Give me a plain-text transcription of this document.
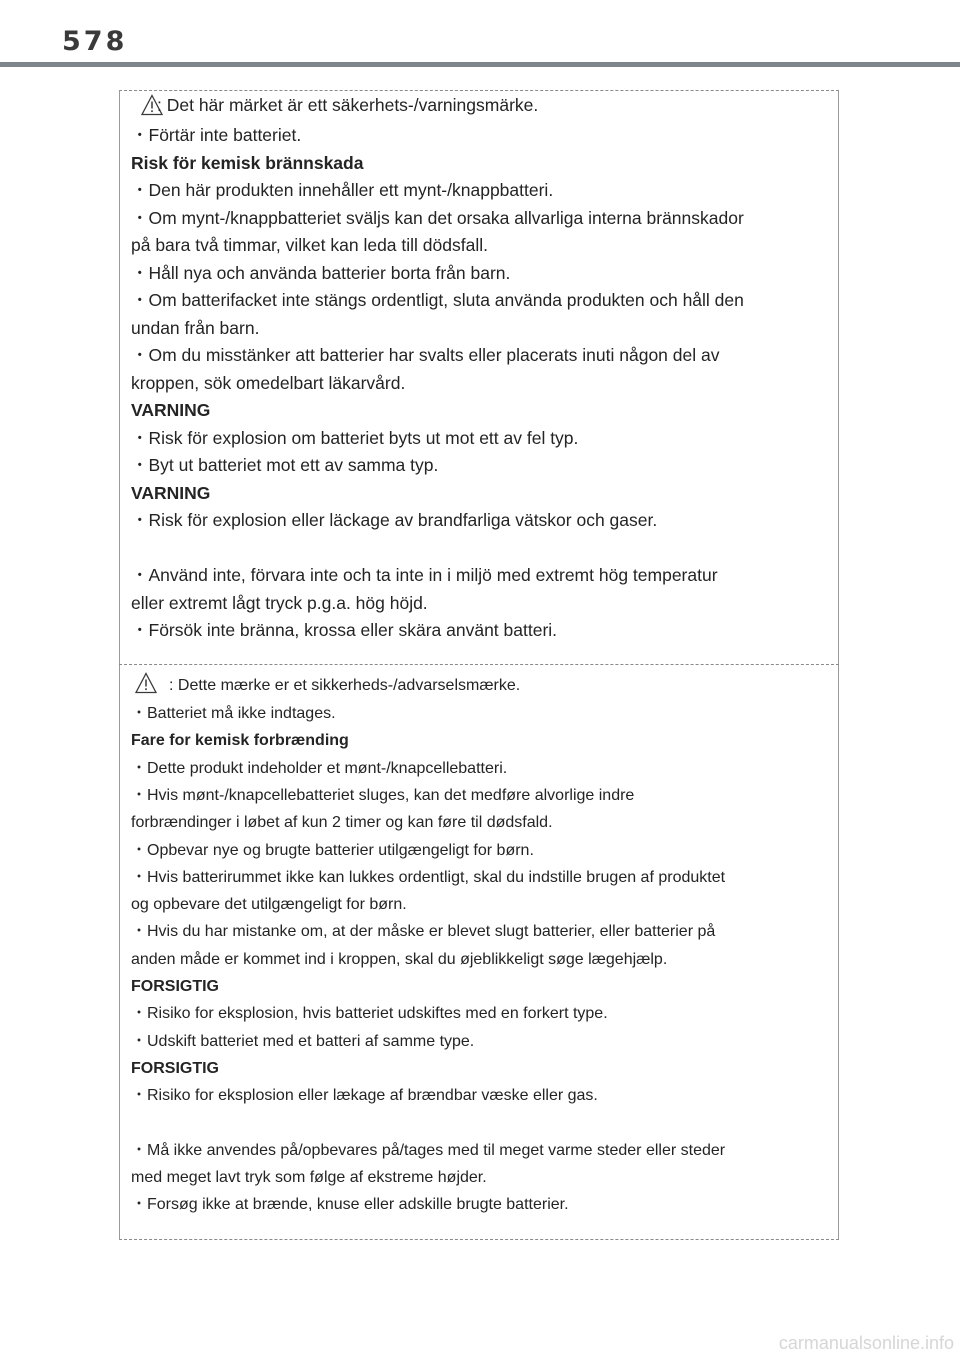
578
: Det här märket är ett säkerhets-/varningsmärke.
・Förtär inte batteriet.
Risk för kemisk brännskada
・Den här produkten innehåller ett mynt-/knappbatteri.
・Om mynt-/knappbatteriet sväljs kan det orsaka allvarliga interna brännskador
på bara två timmar, vilket kan leda till dödsfall.
・Håll nya och använda batterier borta från barn.
・Om batterifacket inte stängs ordentligt, sluta använda produkten och håll den
undan från barn.
・Om du misstänker att batterier har svalts eller placerats inuti någon del av
kroppen, sök omedelbart läkarvård.
VARNING
・Risk för explosion om batteriet byts ut mot ett av fel typ.
・Byt ut batteriet mot ett av samma typ.
VARNING
・Risk för explosion eller läckage av brandfarliga vätskor och gaser.
・Använd inte, förvara inte och ta inte in i miljö med extremt hög temperatur
eller extremt lågt tryck p.g.a. hög höjd.
・Försök inte bränna, krossa eller skära använt batteri.
: Dette mærke er et sikkerheds-/advarselsmærke.
・Batteriet må ikke indtages.
Fare for kemisk forbrænding
・Dette produkt indeholder et mønt-/knapcellebatteri.
・Hvis mønt-/knapcellebatteriet sluges, kan det medføre alvorlige indre
forbrændinger i løbet af kun 2 timer og kan føre til dødsfald.
・Opbevar nye og brugte batterier utilgængeligt for børn.
・Hvis batterirummet ikke kan lukkes ordentligt, skal du indstille brugen af produktet
og opbevare det utilgængeligt for børn.
・Hvis du har mistanke om, at der måske er blevet slugt batterier, eller batterier på
anden måde er kommet ind i kroppen, skal du øjeblikkeligt søge lægehjælp.
FORSIGTIG
・Risiko for eksplosion, hvis batteriet udskiftes med en forkert type.
・Udskift batteriet med et batteri af samme type.
FORSIGTIG
・Risiko for eksplosion eller lækage af brændbar væske eller gas.
・Må ikke anvendes på/opbevares på/tages med til meget varme steder eller steder
med meget lavt tryk som følge af ekstreme højder.
・Forsøg ikke at brænde, knuse eller adskille brugte batterier.
carmanualsonline.info
